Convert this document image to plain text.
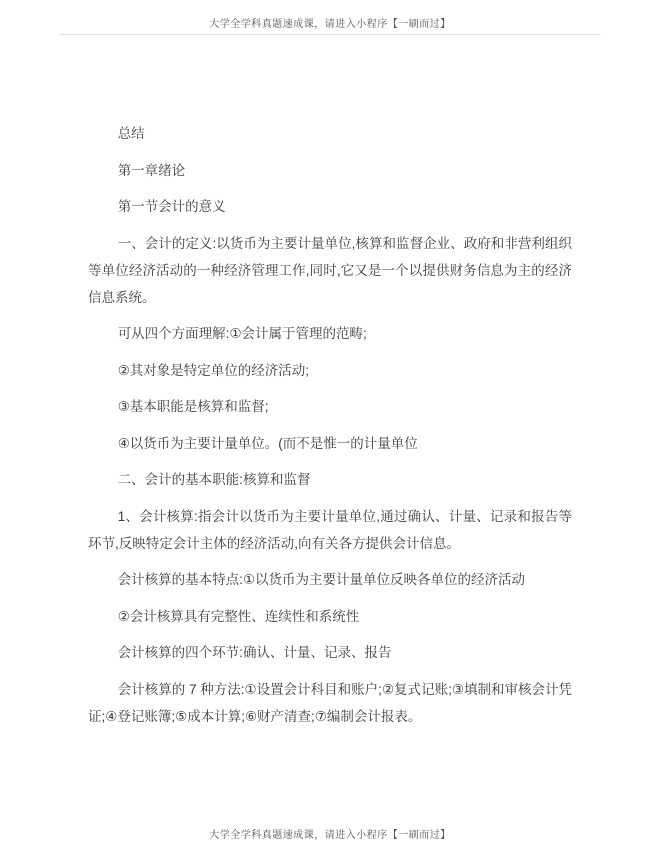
大学全学科真题速成课，请进入小程序【一刷而过】

总结

第一章绪论

第一节会计的意义

一、会计的定义:以货币为主要计量单位,核算和监督企业、政府和非营利组织等单位经济活动的一种经济管理工作,同时,它又是一个以提供财务信息为主的经济信息系统。

可从四个方面理解:①会计属于管理的范畴;

②其对象是特定单位的经济活动;

③基本职能是核算和监督;

④以货币为主要计量单位。(而不是惟一的计量单位

二、会计的基本职能:核算和监督

1、会计核算:指会计以货币为主要计量单位,通过确认、计量、记录和报告等环节,反映特定会计主体的经济活动,向有关各方提供会计信息。

会计核算的基本特点:①以货币为主要计量单位反映各单位的经济活动

②会计核算具有完整性、连续性和系统性

会计核算的四个环节:确认、计量、记录、报告

会计核算的 7 种方法:①设置会计科目和账户;②复式记账;③填制和审核会计凭证;④登记账簿;⑤成本计算;⑥财产清查;⑦编制会计报表。

大学全学科真题速成课，请进入小程序【一刷而过】
